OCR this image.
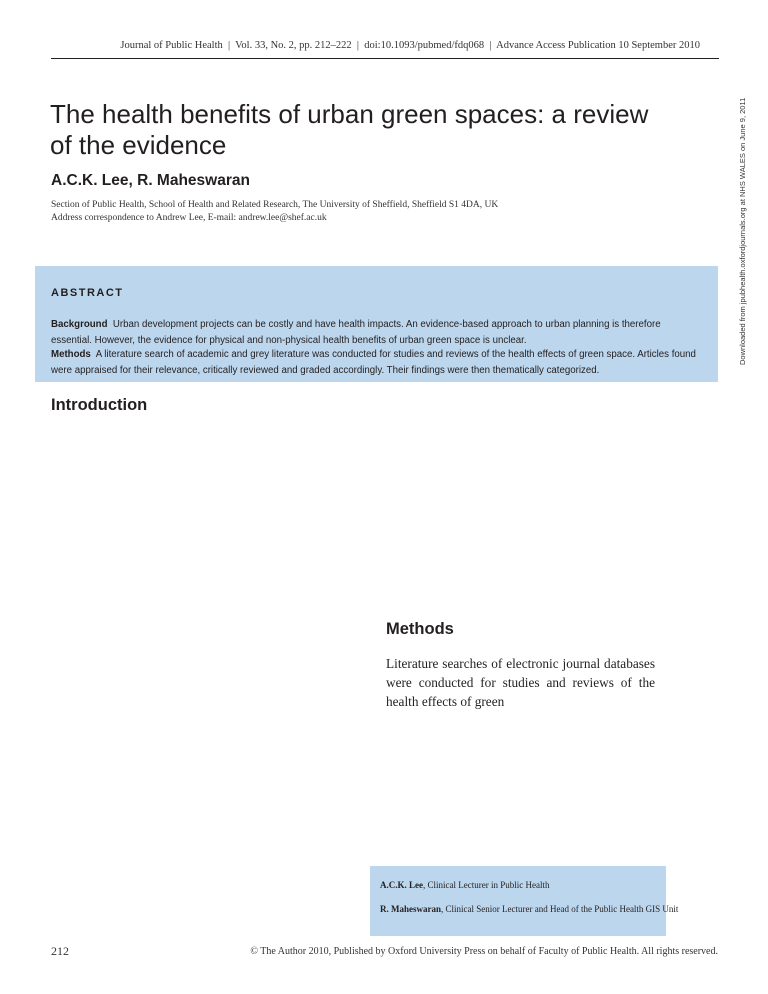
Journal of Public Health  |  Vol. 33, No. 2, pp. 212–222  |  doi:10.1093/pubmed/fdq068  |  Advance Access Publication 10 September 2010
The health benefits of urban green spaces: a review of the evidence
A.C.K. Lee, R. Maheswaran
Section of Public Health, School of Health and Related Research, The University of Sheffield, Sheffield S1 4DA, UK
Address correspondence to Andrew Lee, E-mail: andrew.lee@shef.ac.uk
ABSTRACT

Background Urban development projects can be costly and have health impacts. An evidence-based approach to urban planning is therefore essential. However, the evidence for physical and non-physical health benefits of urban green space is unclear.

Methods A literature search of academic and grey literature was conducted for studies and reviews of the health effects of green space. Articles found were appraised for their relevance, critically reviewed and graded accordingly. Their findings were then thematically categorized.

Introduction
Methods
Literature searches of electronic journal databases were conducted for studies and reviews of the health effects of green
A.C.K. Lee, Clinical Lecturer in Public Health
R. Maheswaran, Clinical Senior Lecturer and Head of the Public Health GIS Unit
Downloaded from jpubhealth.oxfordjournals.org at NHS WALES on June 9, 2011
212	© The Author 2010, Published by Oxford University Press on behalf of Faculty of Public Health. All rights reserved.
